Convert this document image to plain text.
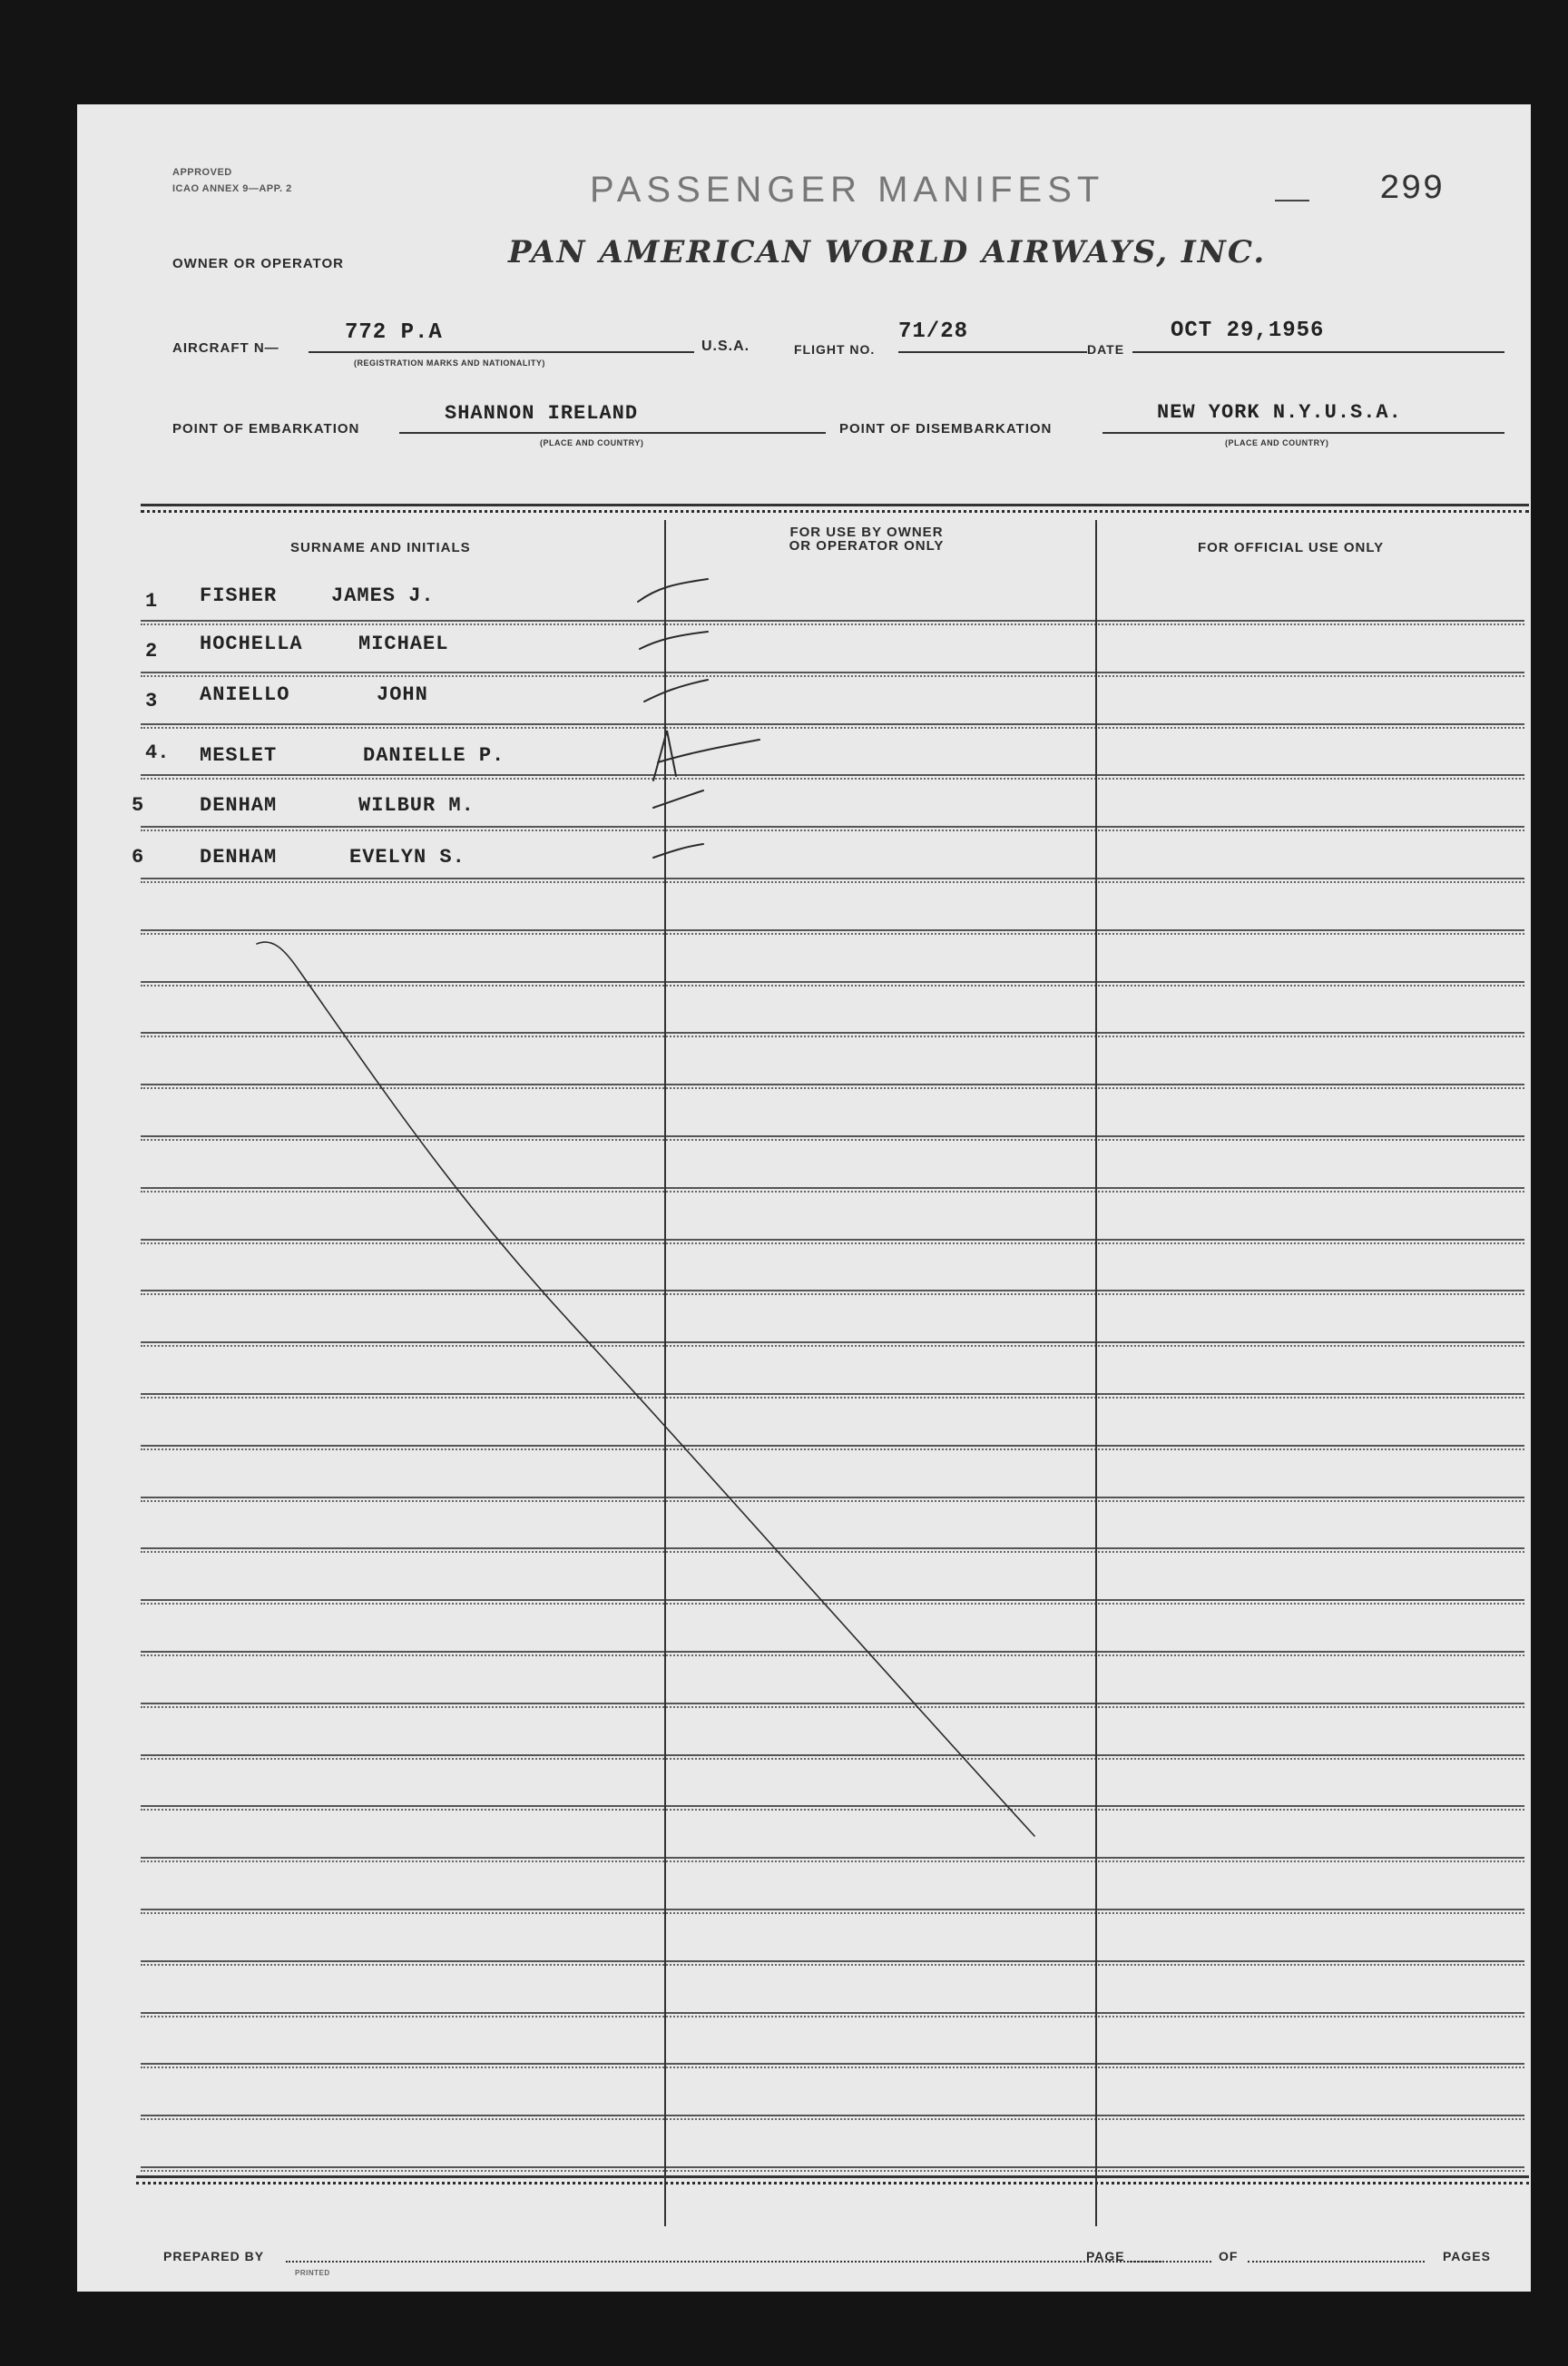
APPROVED
ICAO ANNEX 9—APP. 2	PASSENGER MANIFEST	299
OWNER OR OPERATOR	PAN AMERICAN WORLD AIRWAYS, INC.
AIRCRAFT N—
772 P.A
(REGISTRATION MARKS AND NATIONALITY)
U.S.A.	FLIGHT NO.
71/28
DATE
OCT 29,1956
POINT OF EMBARKATION
SHANNON IRELAND
(PLACE AND COUNTRY)
POINT OF DISEMBARKATION
NEW YORK N.Y.U.S.A.
(PLACE AND COUNTRY)
SURNAME AND INITIALS
FOR USE BY OWNER
OR OPERATOR ONLY	FOR OFFICIAL USE ONLY
1 FISHER	JAMES J.
2 HOCHELLA	MICHAEL
3 ANIELLO	JOHN
4. MESLET	DANIELLE P.
5	DENHAM	WILBUR M.
6	DENHAM	EVELYN S.
PREPARED BY	PAGE	OF	PAGES
PRINTED
